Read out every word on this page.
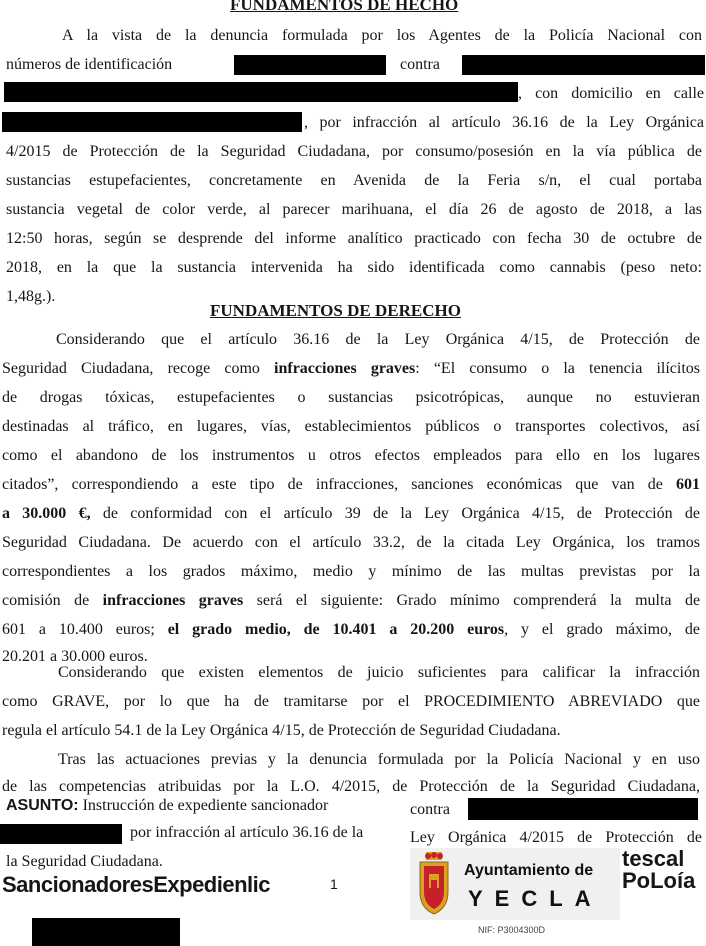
FUNDAMENTOS DE HECHO
A la vista de la denuncia formulada por los Agentes de la Policía Nacional con
números de identificación	contra
, con domicilio en calle
, por infracción al artículo 36.16 de la Ley Orgánica
4/2015 de Protección de la Seguridad Ciudadana, por consumo/posesión en la vía pública de
sustancias estupefacientes, concretamente en Avenida de la Feria s/n, el cual portaba
sustancia vegetal de color verde, al parecer marihuana, el día 26 de agosto de 2018, a las
12:50 horas, según se desprende del informe analítico practicado con fecha 30 de octubre de
2018, en la que la sustancia intervenida ha sido identificada como cannabis (peso neto:
1,48g.).
FUNDAMENTOS DE DERECHO
Considerando que el artículo 36.16 de la Ley Orgánica 4/15, de Protección de
Seguridad Ciudadana, recoge como infracciones graves: “El consumo o la tenencia ilícitos
de drogas tóxicas, estupefacientes o sustancias psicotrópicas, aunque no estuvieran
destinadas al tráfico, en lugares, vías, establecimientos públicos o transportes colectivos, así
como el abandono de los instrumentos u otros efectos empleados para ello en los lugares
citados”, correspondiendo a este tipo de infracciones, sanciones económicas que van de 601
a 30.000 €, de conformidad con el artículo 39 de la Ley Orgánica 4/15, de Protección de
Seguridad Ciudadana. De acuerdo con el artículo 33.2, de la citada Ley Orgánica, los tramos
correspondientes a los grados máximo, medio y mínimo de las multas previstas por la
comisión de infracciones graves será el siguiente: Grado mínimo comprenderá la multa de
601 a 10.400 euros; el grado medio, de 10.401 a 20.200 euros, y el grado máximo, de
20.201 a 30.000 euros.
Considerando que existen elementos de juicio suficientes para calificar la infracción
como GRAVE, por lo que ha de tramitarse por el PROCEDIMIENTO ABREVIADO que
regula el artículo 54.1 de la Ley Orgánica 4/15, de Protección de Seguridad Ciudadana.
Tras las actuaciones previas y la denuncia formulada por la Policía Nacional y en uso
de las competencias atribuidas por la L.O. 4/2015, de Protección de la Seguridad Ciudadana,
ASUNTO: Instrucción de expediente sancionador	contra
por infracción al artículo 36.16 de la	Ley Orgánica 4/2015 de Protección de
la Seguridad Ciudadana.
SancionadoresExpedienlic	1
Ayuntamiento de
YECLA
tescal
PoLoía
NIF: P3004300D
